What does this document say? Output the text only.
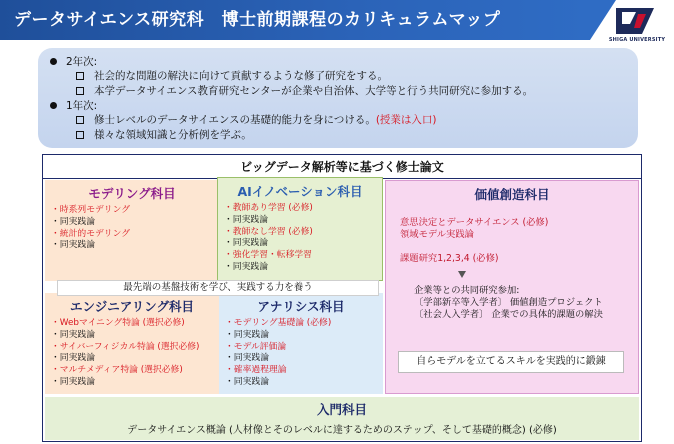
データサイエンス研究科　博士前期課程のカリキュラムマップ
SHIGA UNIVERSITY
2年次:
社会的な問題の解決に向けて貢献するような修了研究をする。
本学データサイエンス教育研究センターが企業や自治体、大学等と行う共同研究に参加する。
1年次:
修士レベルのデータサイエンスの基礎的能力を身につける。 (授業は入口)
様々な領域知識と分析例を学ぶ。
ビッグデータ解析等に基づく修士論文
モデリング科目
・時系列モデリング
・同実践論
・統計的モデリング
・同実践論
AIイノベーション科目
・教師あり学習 (必修)
・同実践論
・教師なし学習 (必修)
・同実践論
・強化学習・転移学習
・同実践論
価値創造科目
意思決定とデータサイエンス (必修)
領域モデル実践論
課題研究1,2,3,4 (必修)
企業等との共同研究参加:
〔学部新卒等入学者〕 価値創造プロジェクト
〔社会人入学者〕 企業での具体的課題の解決
自らモデルを立てるスキルを実践的に鍛錬
エンジニアリング科目
・Webマイニング特論 (選択必修)
・同実践論
・サイバーフィジカル特論 (選択必修)
・同実践論
・マルチメディア特論 (選択必修)
・同実践論
アナリシス科目
・モデリング基礎論 (必修)
・同実践論
・モデル評価論
・同実践論
・確率過程理論
・同実践論
最先端の基盤技術を学び、実践する力を養う
入門科目
データサイエンス概論 (人材像とそのレベルに達するためのステップ、そして基礎的概念) (必修)
